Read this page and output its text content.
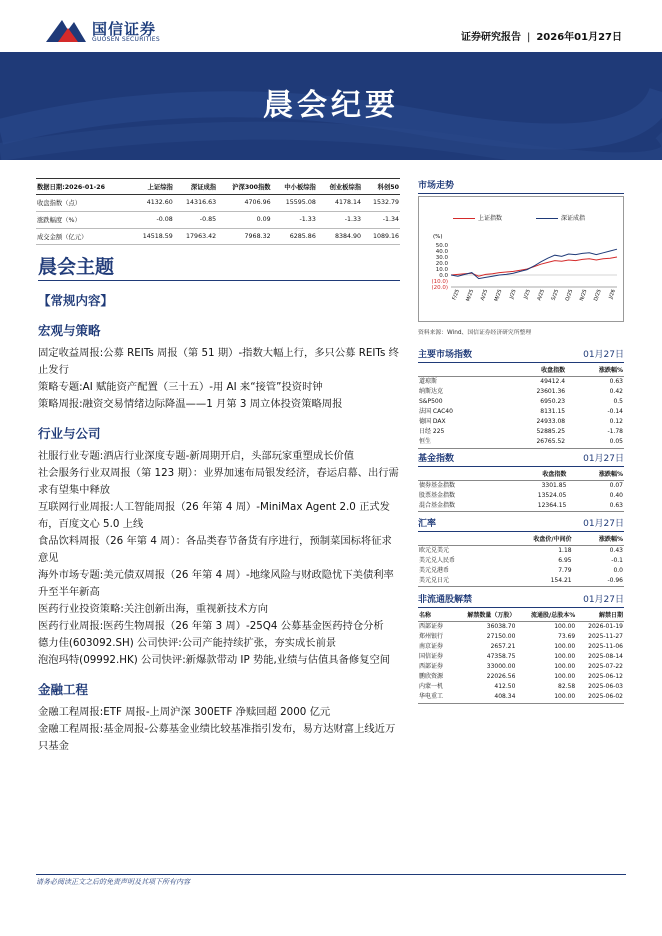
国信证券
GUOSEN SECURITIES	证券研究报告 | 2026年01月27日
晨会纪要
数据日期:2026-01-26	上证综指	深证成指	沪深300指数	中小板综指	创业板综指	科创50
收盘指数（点）	4132.60	14316.63	4706.96	15595.08	4178.14	1532.79
涨跌幅度（%）	-0.08	-0.85	0.09	-1.33	-1.33	-1.34
成交金额（亿元）	14518.59	17963.42	7968.32	6285.86	8384.90	1089.16
晨会主题
【常规内容】
宏观与策略

固定收益周报:公募 REITs 周报（第 51 期）-指数大幅上行，多只公募 REITs 终止发行

策略专题:AI 赋能资产配置（三十五）-用 AI 来“接管”投资时钟

策略周报:融资交易情绪边际降温——1 月第 3 周立体投资策略周报

行业与公司

社服行业专题:酒店行业深度专题-新周期开启，头部玩家重塑成长价值

社会服务行业双周报（第 123 期）：业界加速布局银发经济，春运启幕、出行需求有望集中释放

互联网行业周报:人工智能周报（26 年第 4 周）-MiniMax Agent 2.0 正式发布，百度文心 5.0 上线

食品饮料周报（26 年第 4 周）：各品类春节备货有序进行，预制菜国标将征求意见

海外市场专题:美元债双周报（26 年第 4 周）-地缘风险与财政隐忧下美债利率升至半年新高

医药行业投资策略:关注创新出海，重视新技术方向

医药行业周报:医药生物周报（26 年第 3 周）-25Q4 公募基金医药持仓分析

德力佳(603092.SH) 公司快评:公司产能持续扩张，夯实成长前景

泡泡玛特(09992.HK) 公司快评:新爆款带动 IP 势能,业绩与估值具备修复空间

金融工程

金融工程周报:ETF 周报-上周沪深 300ETF 净赎回超 2000 亿元

金融工程周报:基金周报-公募基金业绩比较基准指引发布，易方达财富上线近万只基金

市场走势
上证指数	深证成指
(%)
50.0
40.0
30.0
20.0
10.0
0.0
(10.0)
(20.0)
F/25 M/25 A/25 M/25 J/25 J/25 A/25 S/25 O/25 N/25 D/25 J/26
资料来源：Wind、国信证券经济研究所整理
主要市场指数	01月27日
	收盘指数	涨跌幅%
道琼斯	49412.4	0.63
纳斯达克	23601.36	0.42
S&P500	6950.23	0.5
法国 CAC40	8131.15	-0.14
德国 DAX	24933.08	0.12
日经 225	52885.25	-1.78
恒生	26765.52	0.05
基金指数	01月27日
	收盘指数	涨跌幅%
债券基金指数	3301.85	0.07
股票基金指数	13524.05	0.40
混合基金指数	12364.15	0.63
汇率	01月27日
	收盘价/中间价	涨跌幅%
欧元兑美元	1.18	0.43
美元兑人民币	6.95	-0.1
美元兑港币	7.79	0.0
美元兑日元	154.21	-0.96
非流通股解禁	01月27日
名称	解禁数量（万股）	流通股/总股本%	解禁日期
西部证券	36038.70	100.00	2026-01-19
郑州银行	27150.00	73.69	2025-11-27
南京证券	2657.21	100.00	2025-11-06
国信证券	47358.75	100.00	2025-08-14
西部证券	33000.00	100.00	2025-07-22
鹏欣资源	22026.56	100.00	2025-06-12
内蒙一机	412.50	82.58	2025-06-03
华电重工	408.34	100.00	2025-06-02
请务必阅读正文之后的免责声明及其项下所有内容
